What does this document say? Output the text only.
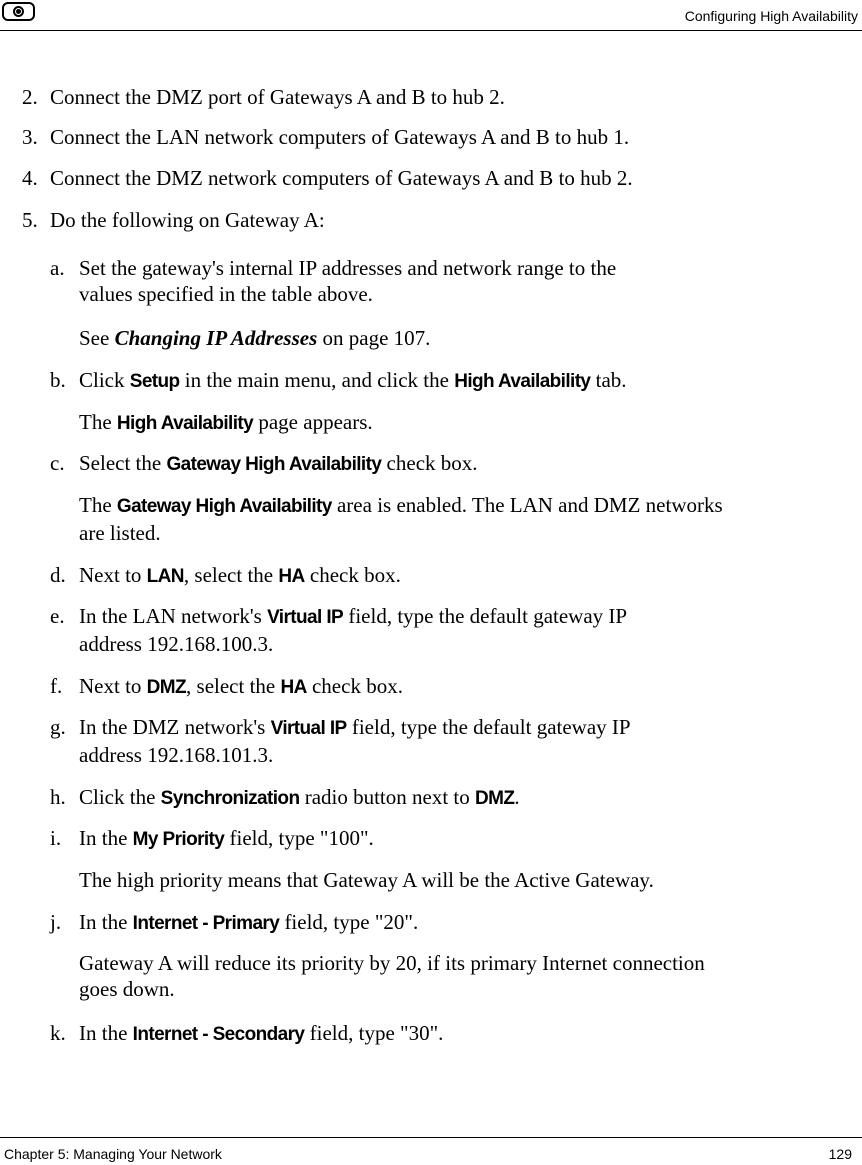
Configuring High Availability
2. Connect the DMZ port of Gateways A and B to hub 2.
3. Connect the LAN network computers of Gateways A and B to hub 1.
4. Connect the DMZ network computers of Gateways A and B to hub 2.
5. Do the following on Gateway A:
a. Set the gateway's internal IP addresses and network range to the
values specified in the table above.
See Changing IP Addresses on page 107.
b. Click Setup in the main menu, and click the High Availability tab.
The High Availability page appears.
c. Select the Gateway High Availability check box.
The Gateway High Availability area is enabled. The LAN and DMZ networks
are listed.
d. Next to LAN, select the HA check box.
e. In the LAN network's Virtual IP field, type the default gateway IP
address 192.168.100.3.
f. Next to DMZ, select the HA check box.
g. In the DMZ network's Virtual IP field, type the default gateway IP
address 192.168.101.3.
h. Click the Synchronization radio button next to DMZ.
i. In the My Priority field, type "100".
The high priority means that Gateway A will be the Active Gateway.
j. In the Internet - Primary field, type "20".
Gateway A will reduce its priority by 20, if its primary Internet connection
goes down.
k. In the Internet - Secondary field, type "30".
Chapter 5: Managing Your Network	129
